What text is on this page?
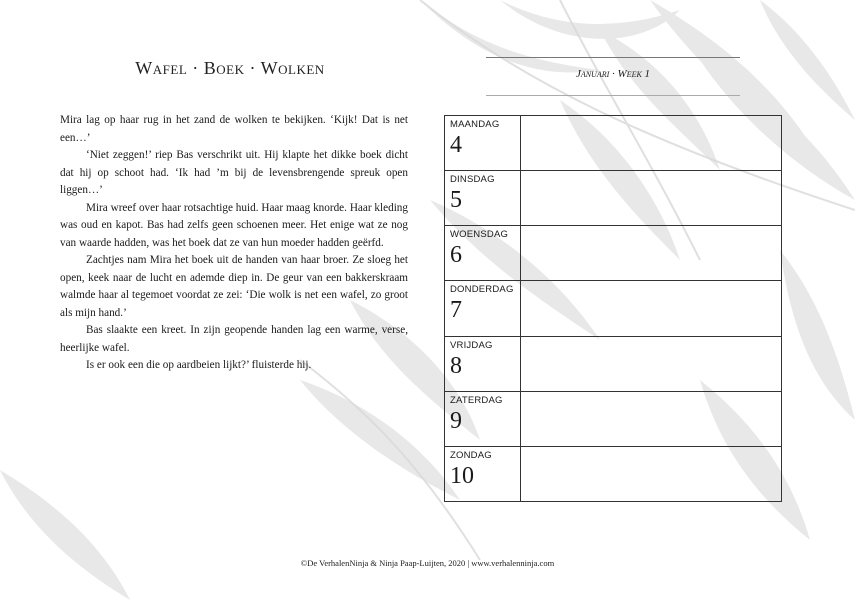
Wafel · Boek · Wolken

Mira lag op haar rug in het zand de wolken te bekijken. ‘Kijk! Dat is net een…’

‘Niet zeggen!’ riep Bas verschrikt uit. Hij klapte het dikke boek dicht dat hij op schoot had. ‘Ik had ’m bij de levensbrengende spreuk open liggen…’

Mira wreef over haar rotsachtige huid. Haar maag knorde. Haar kleding was oud en kapot. Bas had zelfs geen schoenen meer. Het enige wat ze nog van waarde hadden, was het boek dat ze van hun moeder hadden geërfd.

Zachtjes nam Mira het boek uit de handen van haar broer. Ze sloeg het open, keek naar de lucht en ademde diep in. De geur van een bakkerskraam walmde haar al tegemoet voordat ze zei: ‘Die wolk is net een wafel, zo groot als mijn hand.’

Bas slaakte een kreet. In zijn geopende handen lag een warme, verse, heerlijke wafel.

Is er ook een die op aardbeien lijkt?’ fluisterde hij.

Januari · Week 1
MAANDAG
4
DINSDAG
5
WOENSDAG
6
DONDERDAG
7
VRIJDAG
8
ZATERDAG
9
ZONDAG
10
©De VerhalenNinja & Ninja Paap-Luijten, 2020 | www.verhalenninja.com
